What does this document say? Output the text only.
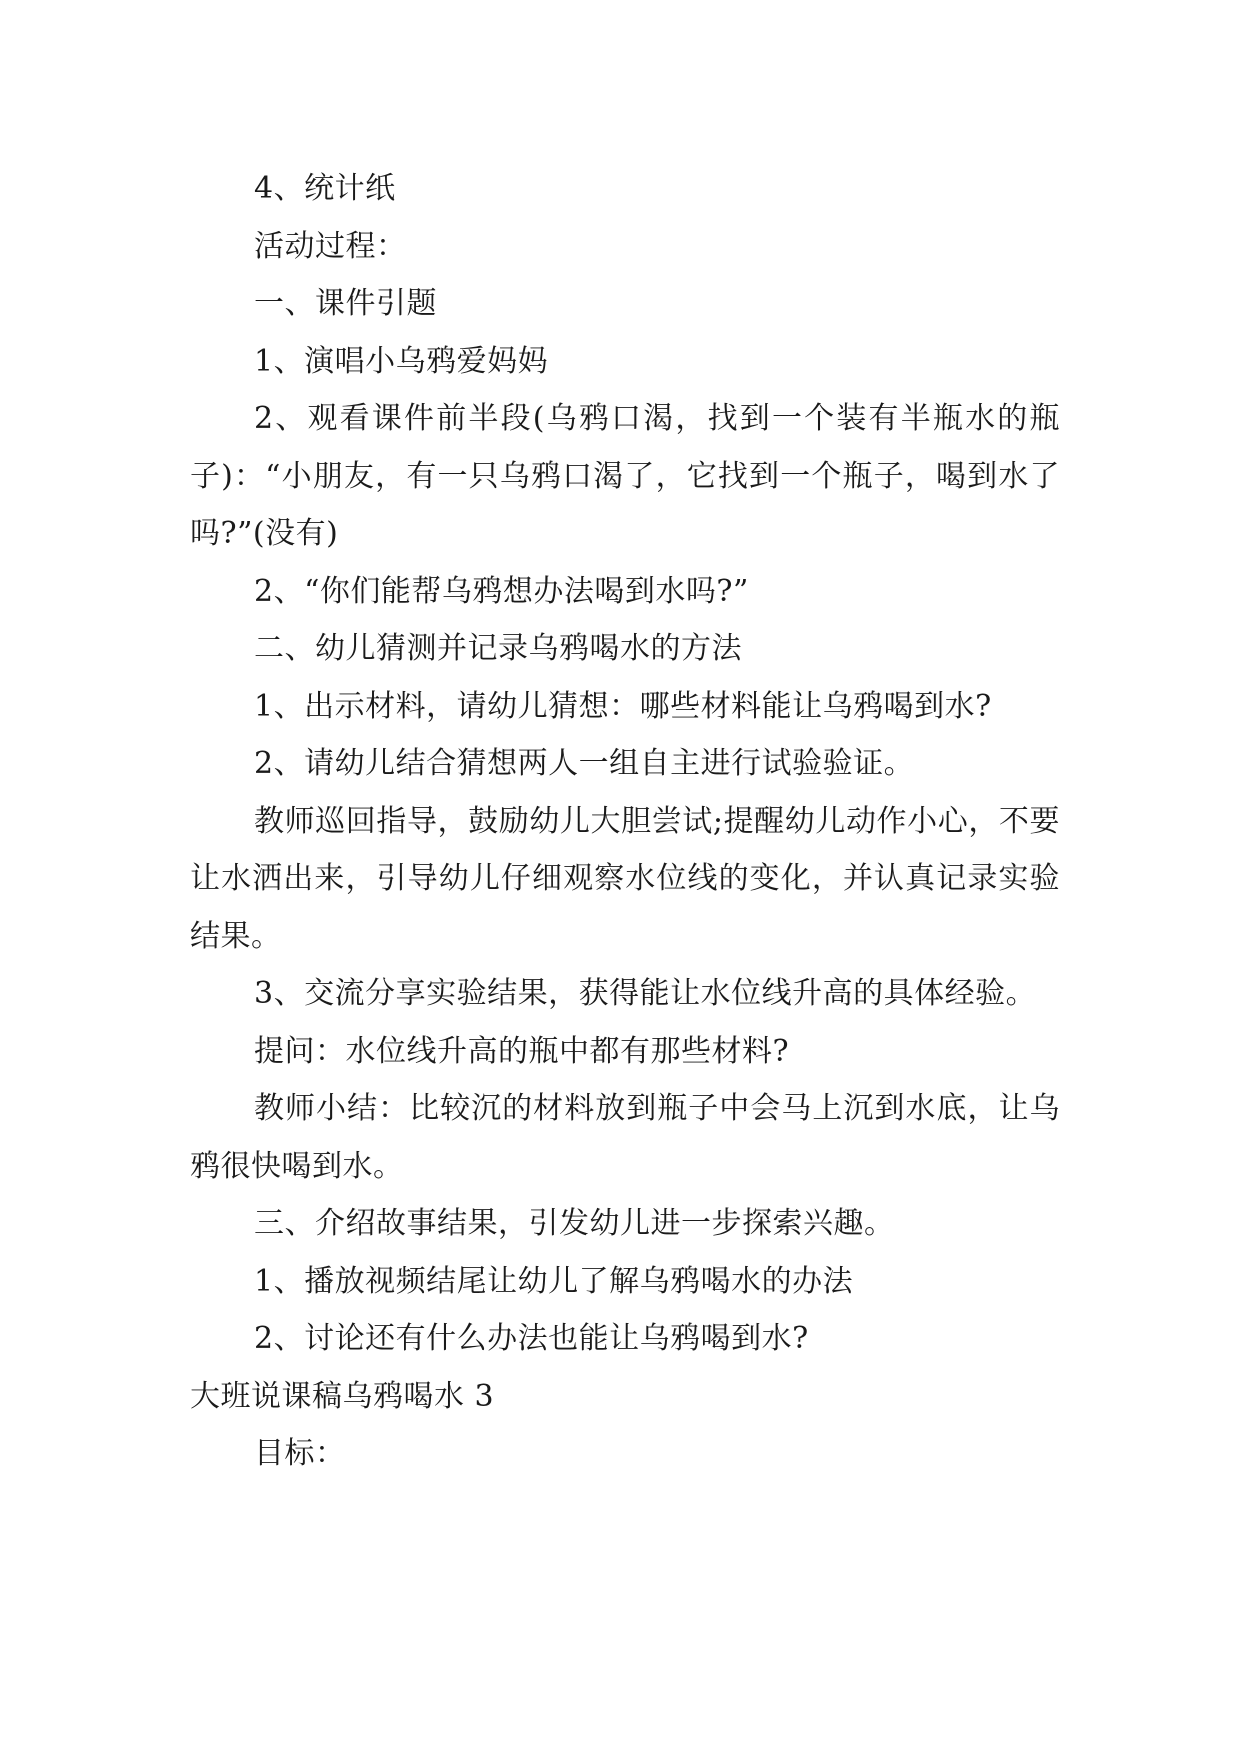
4、统计纸

活动过程：

一、课件引题

1、演唱小乌鸦爱妈妈

2、观看课件前半段(乌鸦口渴，找到一个装有半瓶水的瓶子)：“小朋友，有一只乌鸦口渴了，它找到一个瓶子，喝到水了吗?”(没有)

2、“你们能帮乌鸦想办法喝到水吗?”

二、幼儿猜测并记录乌鸦喝水的方法

1、出示材料，请幼儿猜想：哪些材料能让乌鸦喝到水?

2、请幼儿结合猜想两人一组自主进行试验验证。

教师巡回指导，鼓励幼儿大胆尝试;提醒幼儿动作小心，不要让水洒出来，引导幼儿仔细观察水位线的变化，并认真记录实验结果。

3、交流分享实验结果，获得能让水位线升高的具体经验。

提问：水位线升高的瓶中都有那些材料?

教师小结：比较沉的材料放到瓶子中会马上沉到水底，让乌鸦很快喝到水。

三、介绍故事结果，引发幼儿进一步探索兴趣。

1、播放视频结尾让幼儿了解乌鸦喝水的办法

2、讨论还有什么办法也能让乌鸦喝到水?

大班说课稿乌鸦喝水 3

目标：
